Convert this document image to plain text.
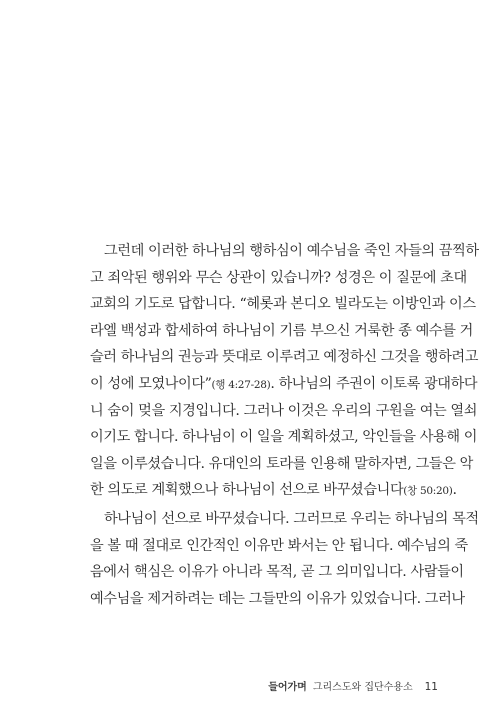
그런데 이러한 하나님의 행하심이 예수님을 죽인 자들의 끔찍하
고 죄악된 행위와 무슨 상관이 있습니까? 성경은 이 질문에 초대
교회의 기도로 답합니다. “헤롯과 본디오 빌라도는 이방인과 이스
라엘 백성과 합세하여 하나님이 기름 부으신 거룩한 종 예수를 거
슬러 하나님의 권능과 뜻대로 이루려고 예정하신 그것을 행하려고
이 성에 모였나이다”(행 4:27-28). 하나님의 주권이 이토록 광대하다
니 숨이 멎을 지경입니다. 그러나 이것은 우리의 구원을 여는 열쇠
이기도 합니다. 하나님이 이 일을 계획하셨고, 악인들을 사용해 이
일을 이루셨습니다. 유대인의 토라를 인용해 말하자면, 그들은 악
한 의도로 계획했으나 하나님이 선으로 바꾸셨습니다(창 50:20).
하나님이 선으로 바꾸셨습니다. 그러므로 우리는 하나님의 목적
을 볼 때 절대로 인간적인 이유만 봐서는 안 됩니다. 예수님의 죽
음에서 핵심은 이유가 아니라 목적, 곧 그 의미입니다. 사람들이
예수님을 제거하려는 데는 그들만의 이유가 있었습니다. 그러나
들어가며 그리스도와 집단수용소 11
